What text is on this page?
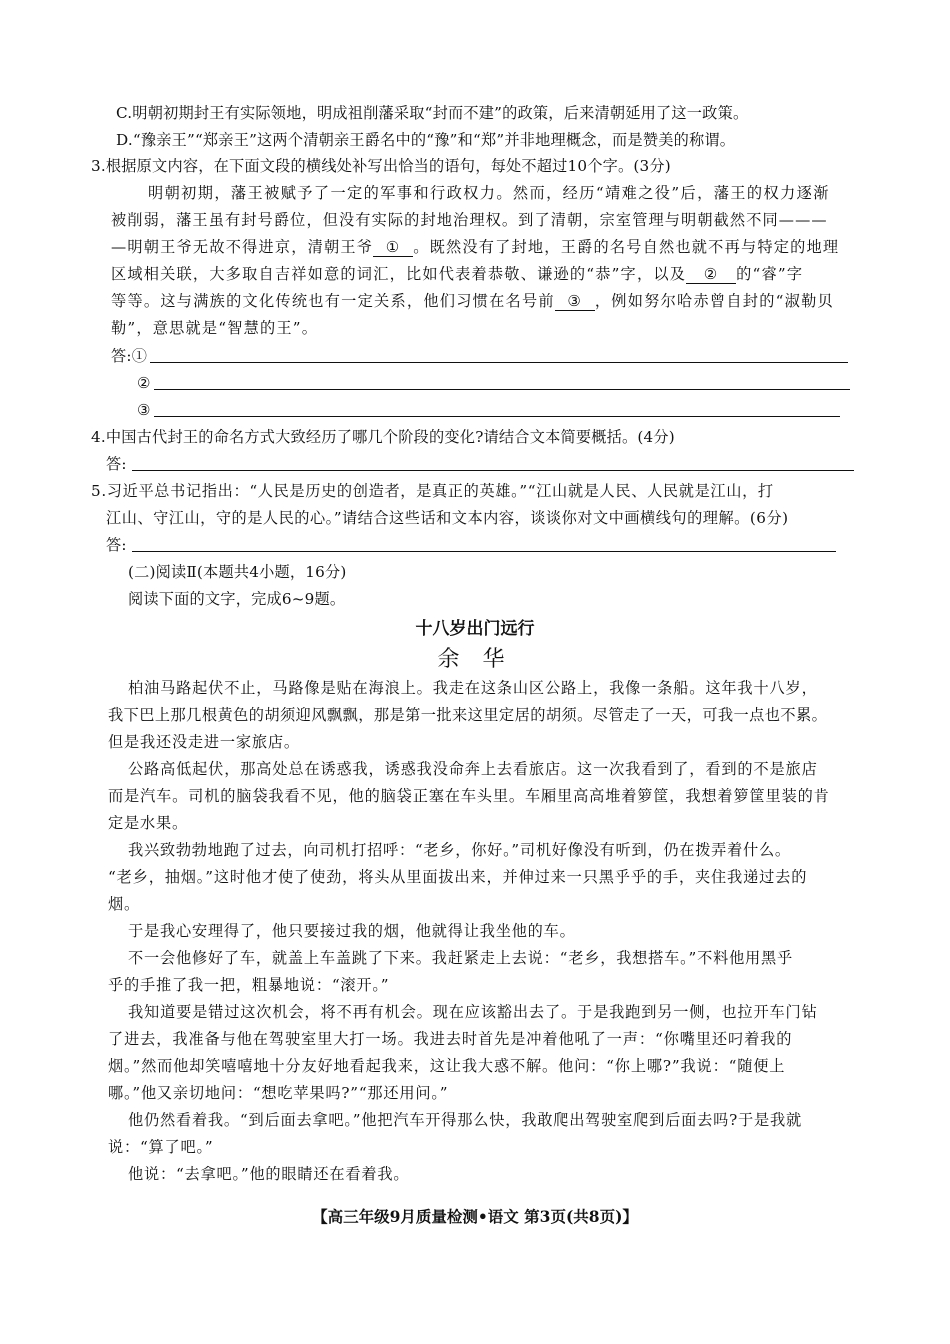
C.明朝初期封王有实际领地，明成祖削藩采取“封而不建”的政策，后来清朝延用了这一政策。
D.“豫亲王”“郑亲王”这两个清朝亲王爵名中的“豫”和“郑”并非地理概念，而是赞美的称谓。
3.根据原文内容，在下面文段的横线处补写出恰当的语句，每处不超过10个字。(3分)
明朝初期，藩王被赋予了一定的军事和行政权力。然而，经历“靖难之役”后，藩王的权力逐渐
被削弱，藩王虽有封号爵位，但没有实际的封地治理权。到了清朝，宗室管理与明朝截然不同———
—明朝王爷无故不得进京，清朝王爷 ① 。既然没有了封地，王爵的名号自然也就不再与特定的地理
区域相关联，大多取自吉祥如意的词汇，比如代表着恭敬、谦逊的“恭”字，以及 ② 的“睿”字
等等。这与满族的文化传统也有一定关系，他们习惯在名号前 ③ ，例如努尔哈赤曾自封的“淑勒贝
勒”，意思就是“智慧的王”。
答:①
②
③
4.中国古代封王的命名方式大致经历了哪几个阶段的变化?请结合文本简要概括。(4分)
答:
5.习近平总书记指出：“人民是历史的创造者，是真正的英雄。”“江山就是人民、人民就是江山，打
江山、守江山，守的是人民的心。”请结合这些话和文本内容，谈谈你对文中画横线句的理解。(6分)
答:
(二)阅读Ⅱ(本题共4小题，16分)
阅读下面的文字，完成6~9题。
十八岁出门远行
余 华
柏油马路起伏不止，马路像是贴在海浪上。我走在这条山区公路上，我像一条船。这年我十八岁，
我下巴上那几根黄色的胡须迎风飘飘，那是第一批来这里定居的胡须。尽管走了一天，可我一点也不累。
但是我还没走进一家旅店。
公路高低起伏，那高处总在诱惑我，诱惑我没命奔上去看旅店。这一次我看到了，看到的不是旅店
而是汽车。司机的脑袋我看不见，他的脑袋正塞在车头里。车厢里高高堆着箩筐，我想着箩筐里装的肯
定是水果。
我兴致勃勃地跑了过去，向司机打招呼：“老乡，你好。”司机好像没有听到，仍在拨弄着什么。
“老乡，抽烟。”这时他才使了使劲，将头从里面拔出来，并伸过来一只黑乎乎的手，夹住我递过去的
烟。
于是我心安理得了，他只要接过我的烟，他就得让我坐他的车。
不一会他修好了车，就盖上车盖跳了下来。我赶紧走上去说：“老乡，我想搭车。”不料他用黑乎
乎的手推了我一把，粗暴地说：“滚开。”
我知道要是错过这次机会，将不再有机会。现在应该豁出去了。于是我跑到另一侧，也拉开车门钻
了进去，我准备与他在驾驶室里大打一场。我进去时首先是冲着他吼了一声：“你嘴里还叼着我的
烟。”然而他却笑嘻嘻地十分友好地看起我来，这让我大惑不解。他问：“你上哪?”我说：“随便上
哪。”他又亲切地问：“想吃苹果吗?”“那还用问。”
他仍然看着我。“到后面去拿吧。”他把汽车开得那么快，我敢爬出驾驶室爬到后面去吗?于是我就
说：“算了吧。”
他说：“去拿吧。”他的眼睛还在看着我。
【高三年级9月质量检测•语文 第3页(共8页)】
